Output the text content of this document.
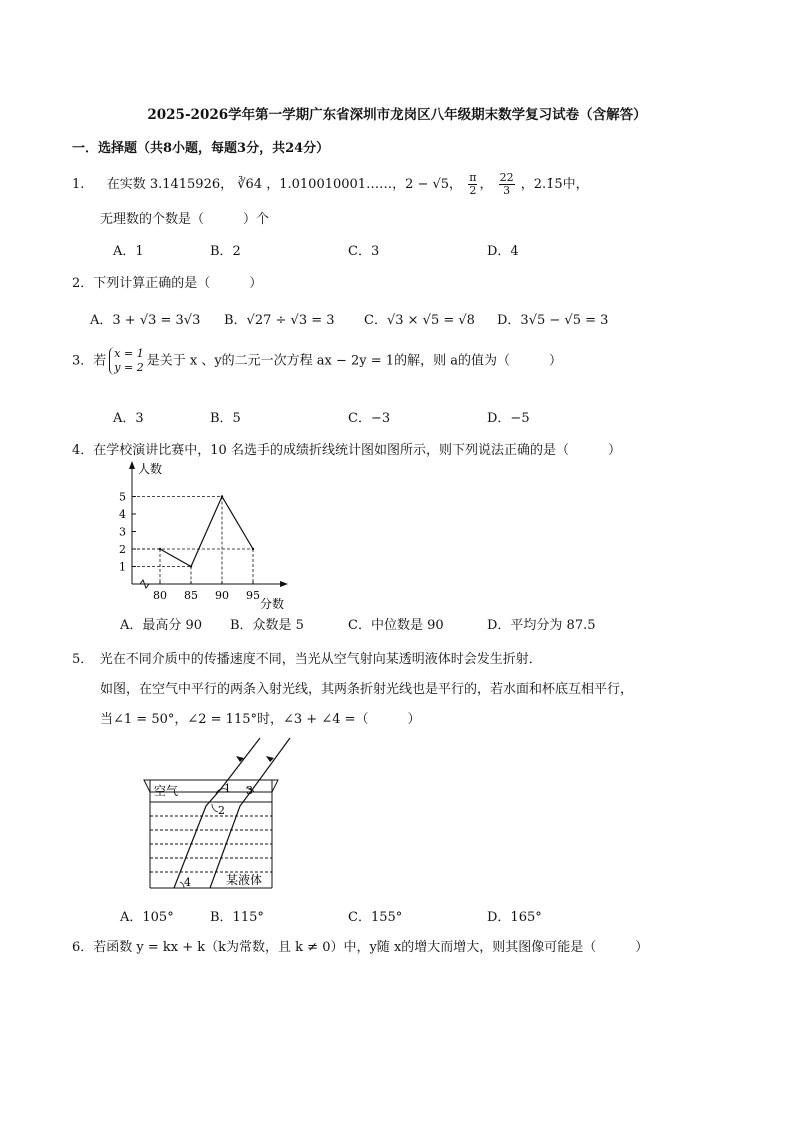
2025-2026学年第一学期广东省深圳市龙岗区八年级期末数学复习试卷（含解答）
一．选择题（共8小题，每题3分，共24分）
1. 在实数 3.1415926， ∛64 ，1.010010001……，2 − √5， $\frac{\pi}{2}$ ， $\frac{22}{3}$ ，2.1̇5̇中，
无理数的个数是（　　　）个
A．1	B．2	C．3	D．4
2．下列计算正确的是（　　　）
A．3 + √3 = 3√3 B．√27 ÷ √3 = 3 C．√3 × √5 = √8 D．3√5 − √5 = 3
3．若 x = 1
y = 2 是关于 x 、y的二元一次方程 ax − 2y = 1的解，则 a的值为（　　　）
A．3	B．5	C．−3	D．−5
4．在学校演讲比赛中，10 名选手的成绩折线统计图如图所示，则下列说法正确的是（　　　）
1
2
3
4
5
80 85 90 95
人数
分数
A．最高分 90 B．众数是 5	C．中位数是 90	D．平均分为 87.5
5．　光在不同介质中的传播速度不同，当光从空气射向某透明液体时会发生折射．
如图，在空气中平行的两条入射光线，其两条折射光线也是平行的，若水面和杯底互相平行，
当∠1 = 50°，∠2 = 115°时，∠3 + ∠4 =（　　　）
空气
某液体
1
2
3
4
A．105°	B．115°	C．155°	D．165°
6．若函数 y = kx + k（k为常数，且 k ≠ 0）中，y随 x的增大而增大，则其图像可能是（　　　）
